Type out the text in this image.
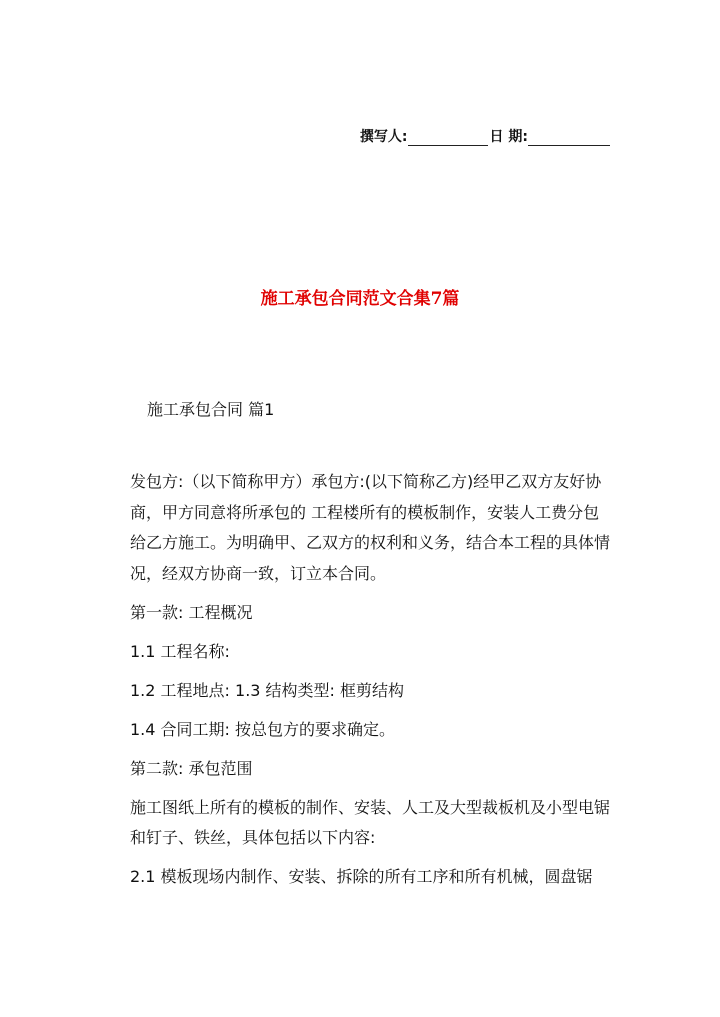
撰写人:	日 期:
施工承包合同范文合集7篇
施工承包合同 篇1

发包方:（以下简称甲方）承包方:(以下简称乙方)经甲乙双方友好协商，甲方同意将所承包的 工程楼所有的模板制作，安装人工费分包给乙方施工。为明确甲、乙双方的权利和义务，结合本工程的具体情况，经双方协商一致，订立本合同。

第一款: 工程概况

1.1 工程名称:

1.2 工程地点: 1.3 结构类型: 框剪结构

1.4 合同工期: 按总包方的要求确定。

第二款: 承包范围

施工图纸上所有的模板的制作、安装、人工及大型裁板机及小型电锯和钉子、铁丝，具体包括以下内容:

2.1 模板现场内制作、安装、拆除的所有工序和所有机械，圆盘锯
